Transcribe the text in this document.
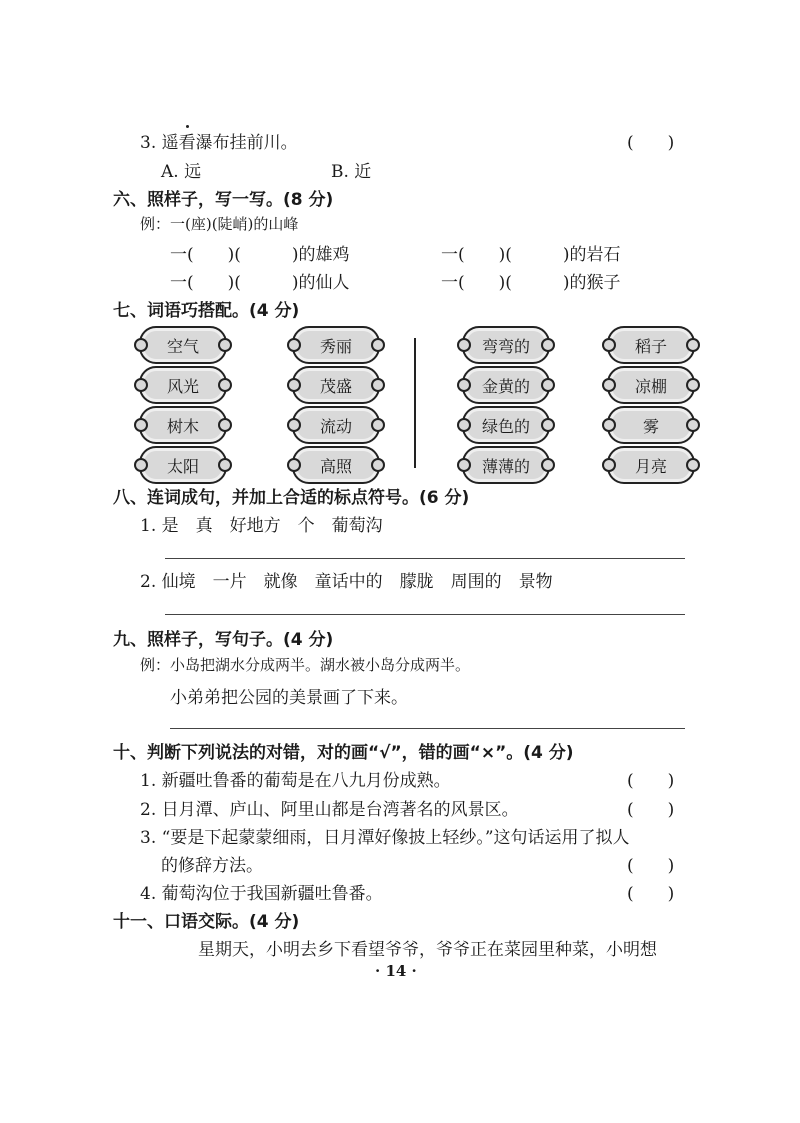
3. 遥看瀑布挂前川。	(　　)
A. 远	B. 近
六、照样子，写一写。(8 分)
例：一(座)(陡峭)的山峰
一(　　)(　　　)的雄鸡	一(　　)(　　　)的岩石
一(　　)(　　　)的仙人	一(　　)(　　　)的猴子
七、词语巧搭配。(4 分)
空气
风光
树木
太阳
秀丽
茂盛
流动
高照
弯弯的
金黄的
绿色的
薄薄的
稻子
凉棚
雾
月亮
八、连词成句，并加上合适的标点符号。(6 分)
1. 是　真　好地方　个　葡萄沟
2. 仙境　一片　就像　童话中的　朦胧　周围的　景物
九、照样子，写句子。(4 分)
例：小岛把湖水分成两半。湖水被小岛分成两半。
小弟弟把公园的美景画了下来。
十、判断下列说法的对错，对的画“√”，错的画“×”。(4 分)
1. 新疆吐鲁番的葡萄是在八九月份成熟。	(　　)
2. 日月潭、庐山、阿里山都是台湾著名的风景区。	(　　)
3. “要是下起蒙蒙细雨，日月潭好像披上轻纱。”这句话运用了拟人
的修辞方法。	(　　)
4. 葡萄沟位于我国新疆吐鲁番。	(　　)
十一、口语交际。(4 分)
星期天，小明去乡下看望爷爷，爷爷正在菜园里种菜，小明想
· 14 ·
